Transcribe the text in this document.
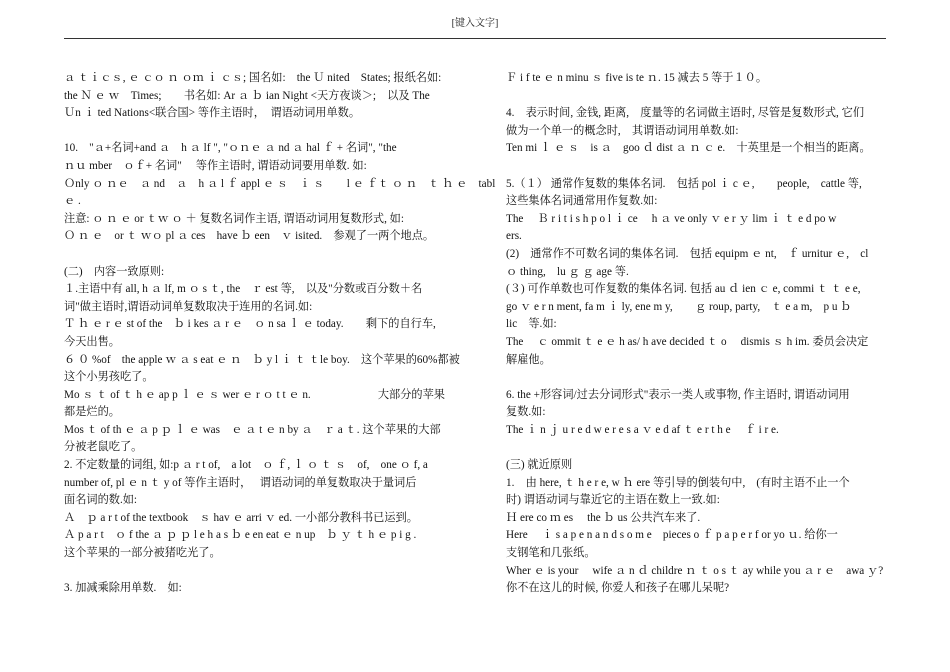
[键入文字]
ａ ｔｉｃｓ, ｅ ｃｏ ｎ ｏｍ ｉ ｃｓ; 国名如:　the Ｕ nited　States; 报纸名如:
the Ｎ ｅ ｗ　Times;　　书名如: Ar ａ ｂ ian Night <天方夜谈＞;　以及 The
Ｕn ｉ ted Nations<联合国> 等作主语时，　谓语动词用单数。
10.　"ａ+名词+and ａ　h ａ lf ", "ｏｎｅ ａ nd ａ hal ｆ + 名词", "the
ｎｕ mber　ｏｆ+ 名词"　 等作主语时, 谓语动词要用单数. 如:
Ｏnly ｏ ｎｅ　ａ nd　ａ　h ａ l ｆ appl ｅ ｓ　ｉ ｓ　　l ｅ ｆｔ ｏ ｎ　ｔ ｈ ｅ　tabl
ｅ .
注意: ｏ ｎ ｅ or ｔｗ ｏ ＋ 复数名词作主语, 谓语动词用复数形式, 如:
Ｏ ｎ ｅ　or ｔ ｗｏ pl ａ ces　have ｂ een　ｖ isited.　参观了一两个地点。
(二)　内容一致原则:
１.主语中有 all, h ａ lf, m ｏ s ｔ, the　ｒ est 等,　以及"分数或百分数＋名
词"做主语时,谓语动词单复数取决于连用的名词.如:
Ｔ ｈ ｅ r ｅ st of the　ｂ i kes ａ r ｅ　ｏ n sa ｌ ｅ today.　　剩下的自行车,
今天出售。
６ ０ %of　the apple ｗ ａ s eat ｅ ｎ　ｂ y l ｉ ｔ ｔle boy.　这个苹果的60%都被
这个小男孩吃了。
Mo ｓ ｔ of ｔ h ｅ ap p ｌ ｅ ｓ wer ｅ r ｏ t t ｅ n.　　　　　　大部分的苹果
都是烂的。
Mos ｔ of th ｅ ａ p ｐ ｌ ｅ was　ｅ ａ t ｅ n by ａ　ｒ a ｔ. 这个苹果的大部
分被老鼠吃了。
2. 不定数量的词组, 如:p ａ r t of,　a lot　ｏ ｆ, ｌ ｏ ｔ ｓ　of,　one ｏ f, a
number of, pl ｅ n ｔ y of 等作主语时，　 谓语动词的单复数取决于量词后
面名词的数.如:
Ａ　ｐ a r t of the textbook　ｓ hav ｅ arri ｖ ed. 一小部分教科书已运到。
Ａ p a r t　ｏ f the ａ ｐ ｐ l e h a s ｂ e en eat ｅ n up　ｂ ｙ ｔ h ｅ p i g .
这个苹果的一部分被猪吃光了。
3. 加减乘除用单数.　如:
Ｆ i f te ｅ n minu ｓ five is te ｎ. 15 减去 5 等于１０。
4.　表示时间, 金钱, 距离,　度量等的名词做主语时, 尽管是复数形式, 它们
做为一个单一的概念时,　其谓语动词用单数.如:
Ten mi ｌ ｅ ｓ　is ａ　goo ｄ dist ａ ｎ ｃ e.　十英里是一个相当的距离。
5.（１） 通常作复数的集体名词.　包括 pol ｉ c ｅ,　　people,　cattle 等,
这些集体名词通常用作复数.如:
The　 Ｂ r i t i s h p o l ｉ ce　 h ａ ve only ｖ e r ｙ lim ｉ ｔ e d po w
ers.
(2)　通常作不可数名词的集体名词.　包括 equipm ｅ nt,　ｆ urnitur ｅ,　cl
ｏ thing,　lu ｇ ｇ age 等.
(３) 可作单数也可作复数的集体名词. 包括 au ｄ ien ｃ e, commi ｔ ｔ e e,
go ｖ e r n ment, fa m ｉ ly, ene m y,　　ｇ roup, party,　ｔ e a m,　p u ｂ
lic　等.如:
The　 ｃ ommit ｔ e ｅ h as/ h ave decided ｔ o　 dismis ｓ h im. 委员会决定
解雇他。
6. the +形容词/过去分词形式"表示一类人或事物, 作主语时, 谓语动词用
复数.如:
The ｉ n ｊ u r e d w e r e s a ｖ e d af ｔ e r t h e　 ｆ i r e.
(三) 就近原则
1.　由 here, ｔ h e r e, w ｈ ere 等引导的倒装句中,　(有时主语不止一个
时) 谓语动词与靠近它的主语在数上一致.如:
Ｈ ere co ｍ es　 the ｂ us 公共汽车来了.
Here　 ｉ s a p e n a n d s o m e　pieces o ｆ p a p e r f or yo ｕ. 给你一
支钢笔和几张纸。
Wher ｅ is your　 wife ａ n ｄ childre ｎ ｔ o s ｔ ay while you ａ r ｅ　awa ｙ?
你不在这儿的时候, 你爱人和孩子在哪儿呆呢?
